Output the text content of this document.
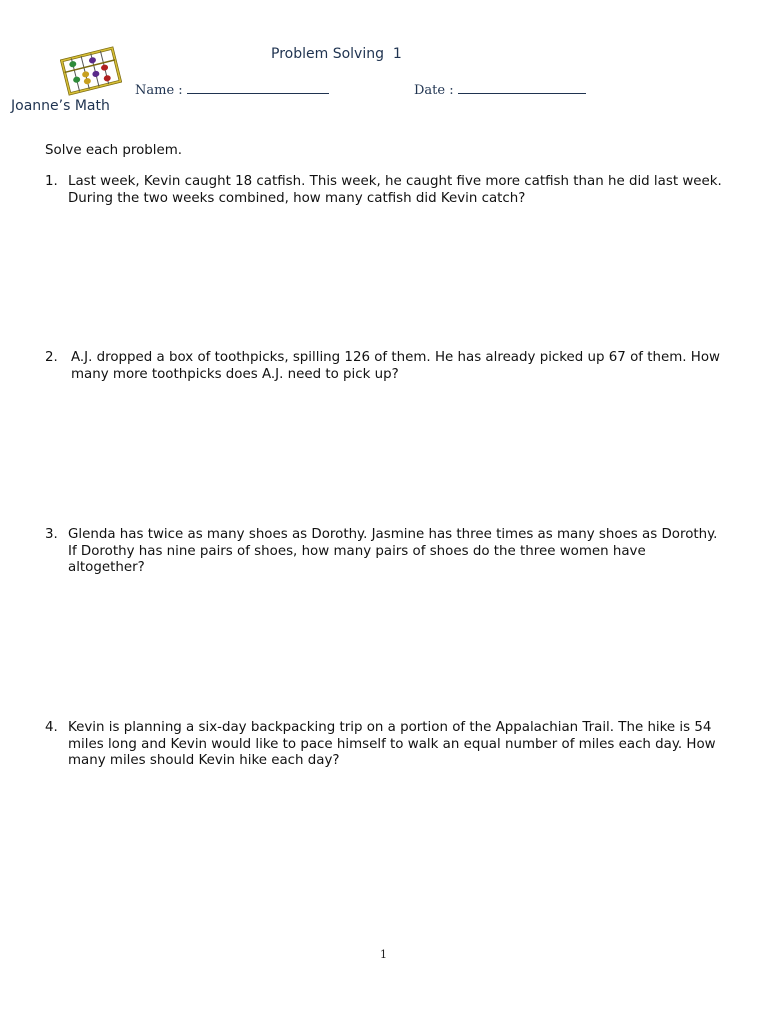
Joanne’s Math
Problem Solving  1
Name :	Date :
Solve each problem.
1. Last week, Kevin caught 18 catfish. This week, he caught five more catfish than he did last week. During the two weeks combined, how many catfish did Kevin catch?
2. A.J. dropped a box of toothpicks, spilling 126 of them. He has already picked up 67 of them. How many more toothpicks does A.J. need to pick up?
3. Glenda has twice as many shoes as Dorothy. Jasmine has three times as many shoes as Dorothy. If Dorothy has nine pairs of shoes, how many pairs of shoes do the three women have altogether?
4. Kevin is planning a six-day backpacking trip on a portion of the Appalachian Trail. The hike is 54 miles long and Kevin would like to pace himself to walk an equal number of miles each day. How many miles should Kevin hike each day?
1
